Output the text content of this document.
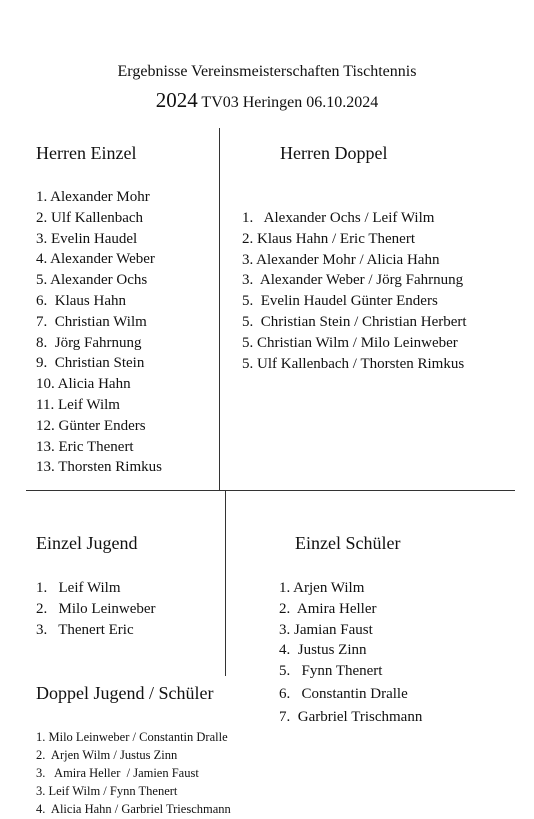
Ergebnisse Vereinsmeisterschaften Tischtennis
2024 TV03 Heringen 06.10.2024
Herren Einzel
1. Alexander Mohr
2. Ulf Kallenbach
3. Evelin Haudel
4. Alexander Weber
5. Alexander Ochs
6.  Klaus Hahn
7.  Christian Wilm
8.  Jörg Fahrnung
9.  Christian Stein
10. Alicia Hahn
11. Leif Wilm
12. Günter Enders
13. Eric Thenert
13. Thorsten Rimkus
Herren Doppel
1.   Alexander Ochs / Leif Wilm
2. Klaus Hahn / Eric Thenert
3. Alexander Mohr / Alicia Hahn
3.  Alexander Weber / Jörg Fahrnung
5.  Evelin Haudel Günter Enders
5.  Christian Stein / Christian Herbert
5. Christian Wilm / Milo Leinweber
5. Ulf Kallenbach / Thorsten Rimkus
Einzel Jugend
1.   Leif Wilm
2.   Milo Leinweber
3.   Thenert Eric
Einzel Schüler
1. Arjen Wilm
2.  Amira Heller
3. Jamian Faust
4.  Justus Zinn
5.   Fynn Thenert
6.   Constantin Dralle
7.  Garbriel Trischmann
Doppel Jugend / Schüler
1. Milo Leinweber / Constantin Dralle
2.  Arjen Wilm / Justus Zinn
3.   Amira Heller  / Jamien Faust
3. Leif Wilm / Fynn Thenert
4.  Alicia Hahn / Garbriel Trieschmann
